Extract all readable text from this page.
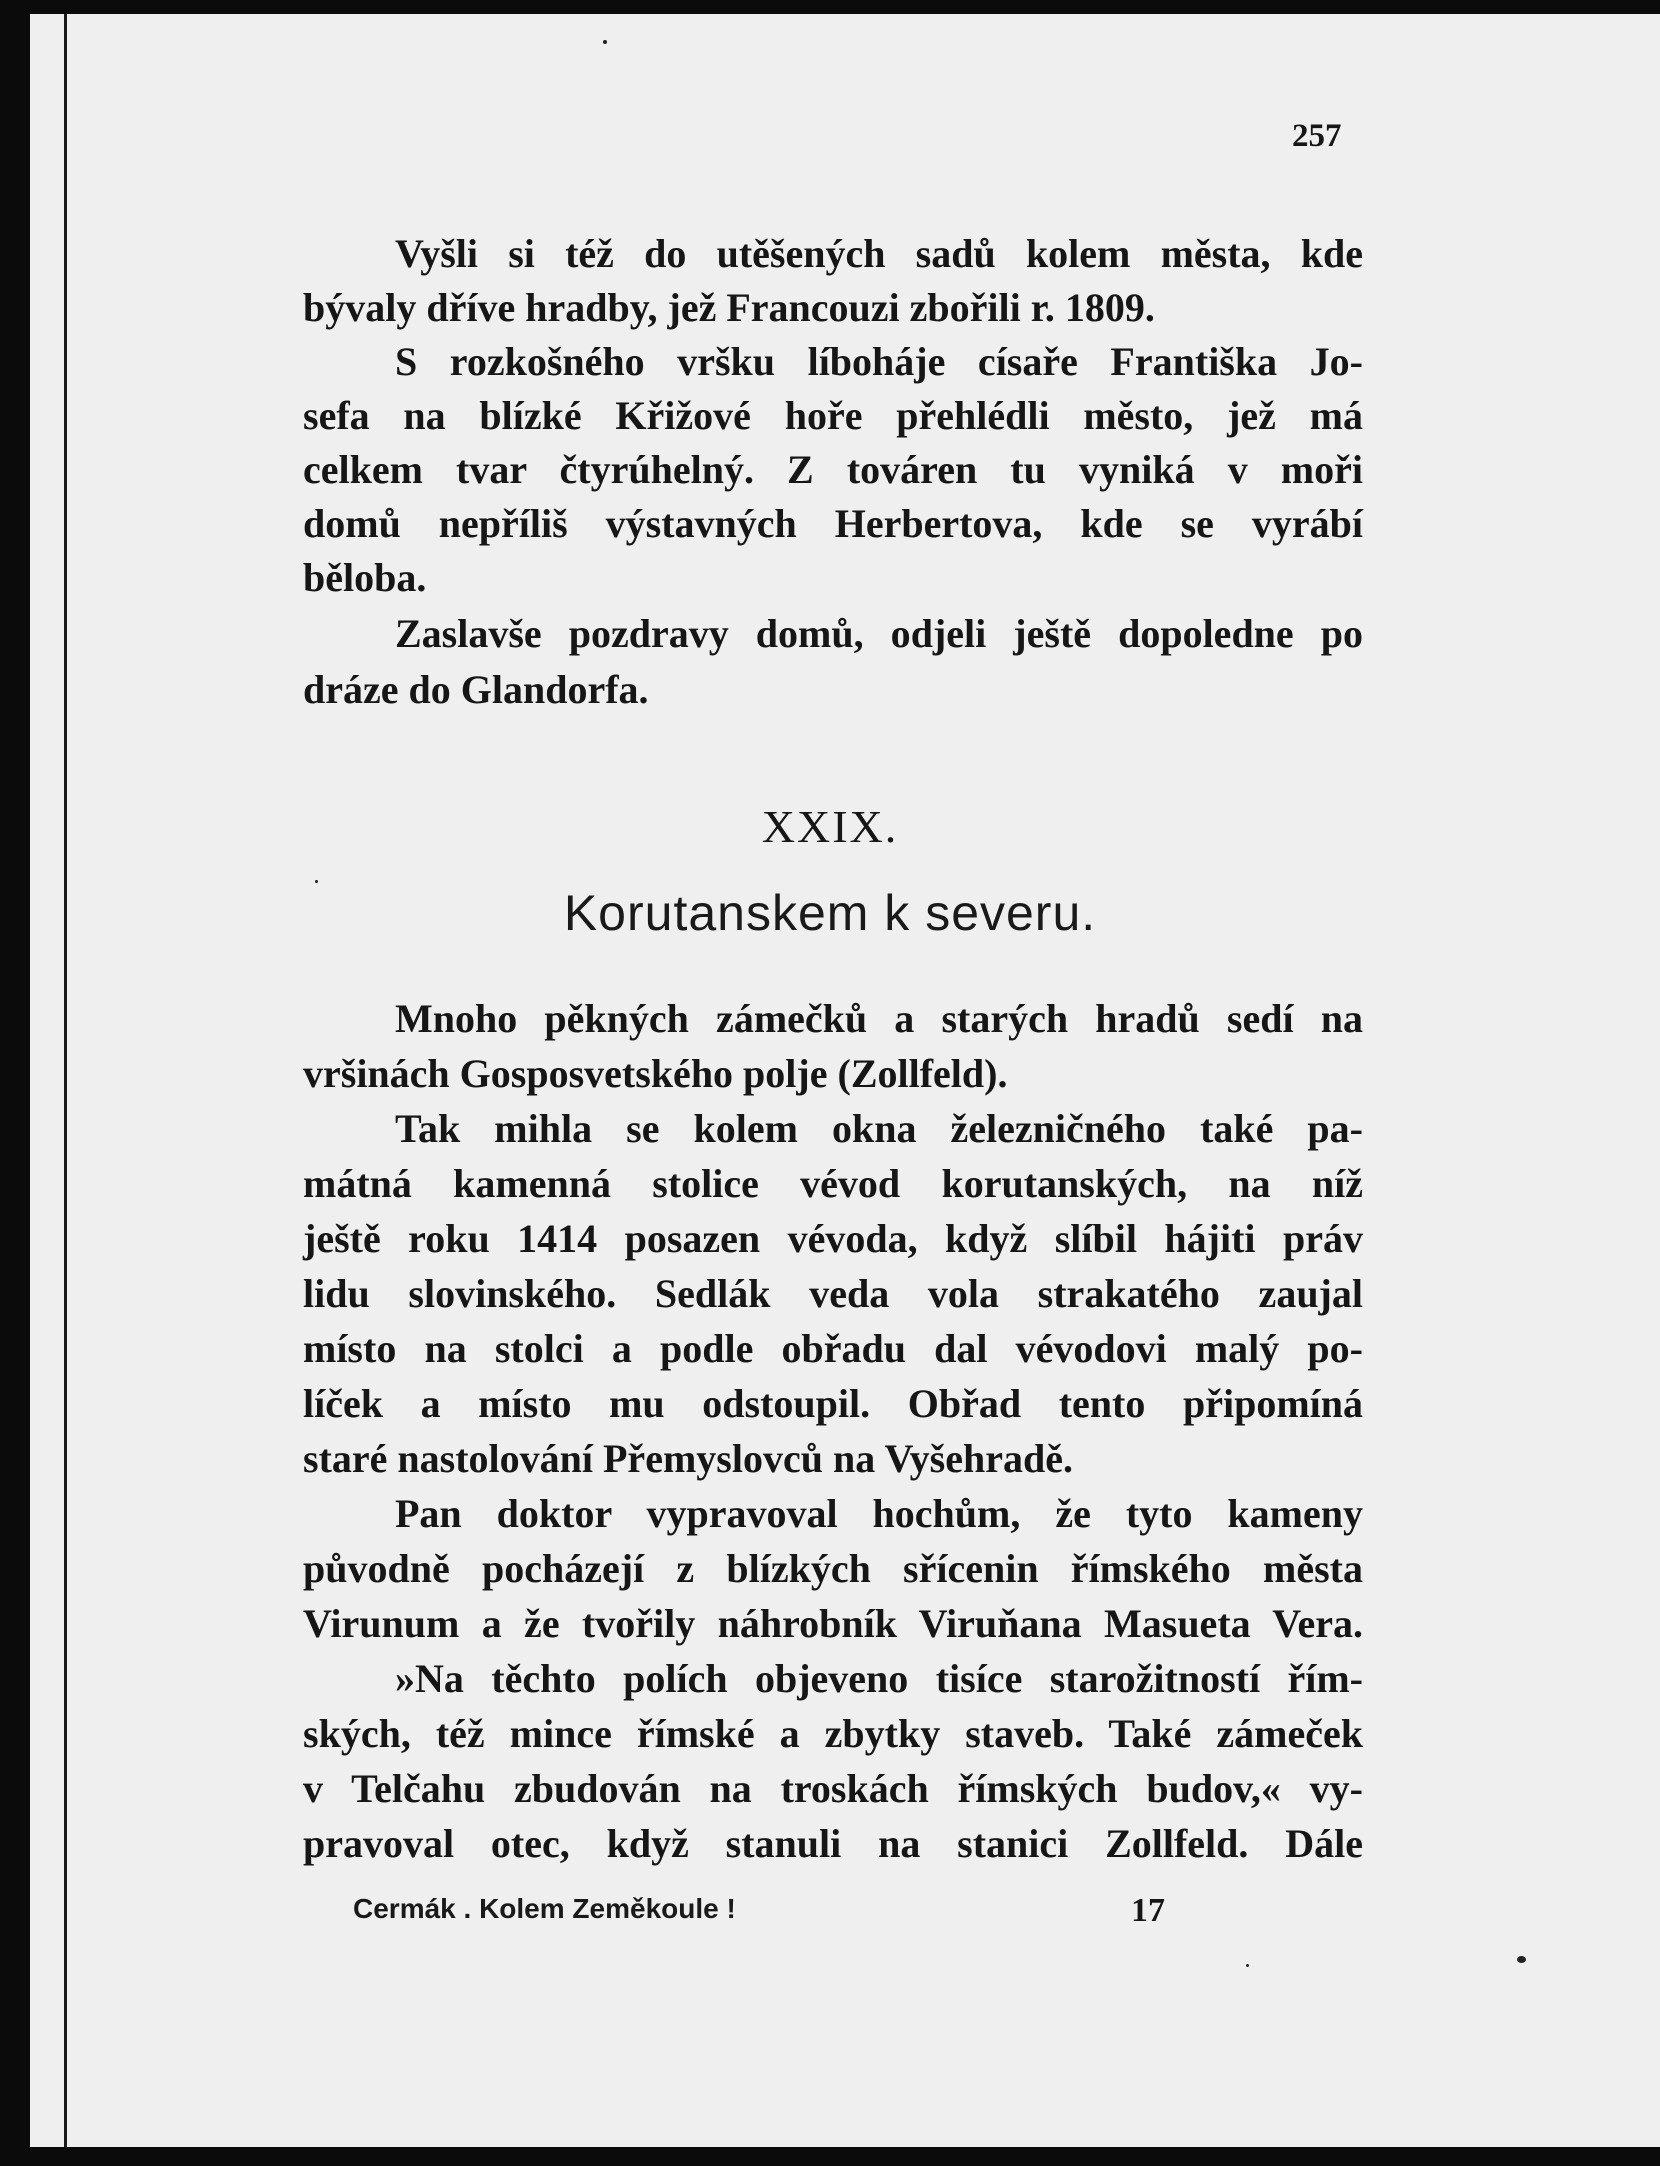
257
Vyšli si též do utěšených sadů kolem města, kde
bývaly dříve hradby, jež Francouzi zbořili r. 1809.
S rozkošného vršku líboháje císaře Františka Jo-
sefa na blízké Křižové hoře přehlédli město, jež má
celkem tvar čtyrúhelný. Z továren tu vyniká v moři
domů nepříliš výstavných Herbertova, kde se vyrábí
běloba.
Zaslavše pozdravy domů, odjeli ještě dopoledne po
dráze do Glandorfa.
XXIX.
Korutanskem k severu.
Mnoho pěkných zámečků a starých hradů sedí na
vršinách Gosposvetského polje (Zollfeld).
Tak mihla se kolem okna železničného také pa-
mátná kamenná stolice vévod korutanských, na níž
ještě roku 1414 posazen vévoda, když slíbil hájiti práv
lidu slovinského. Sedlák veda vola strakatého zaujal
místo na stolci a podle obřadu dal vévodovi malý po-
líček a místo mu odstoupil. Obřad tento připomíná
staré nastolování Přemyslovců na Vyšehradě.
Pan doktor vypravoval hochům, že tyto kameny
původně pocházejí z blízkých sřícenin římského města
Virunum a že tvořily náhrobník Viruňana Masueta Vera.
»Na těchto polích objeveno tisíce starožitností řím-
ských, též mince římské a zbytky staveb. Také zámeček
v Telčahu zbudován na troskách římských budov,« vy-
pravoval otec, když stanuli na stanici Zollfeld. Dále
Cermák . Kolem Zeměkoule !	17
